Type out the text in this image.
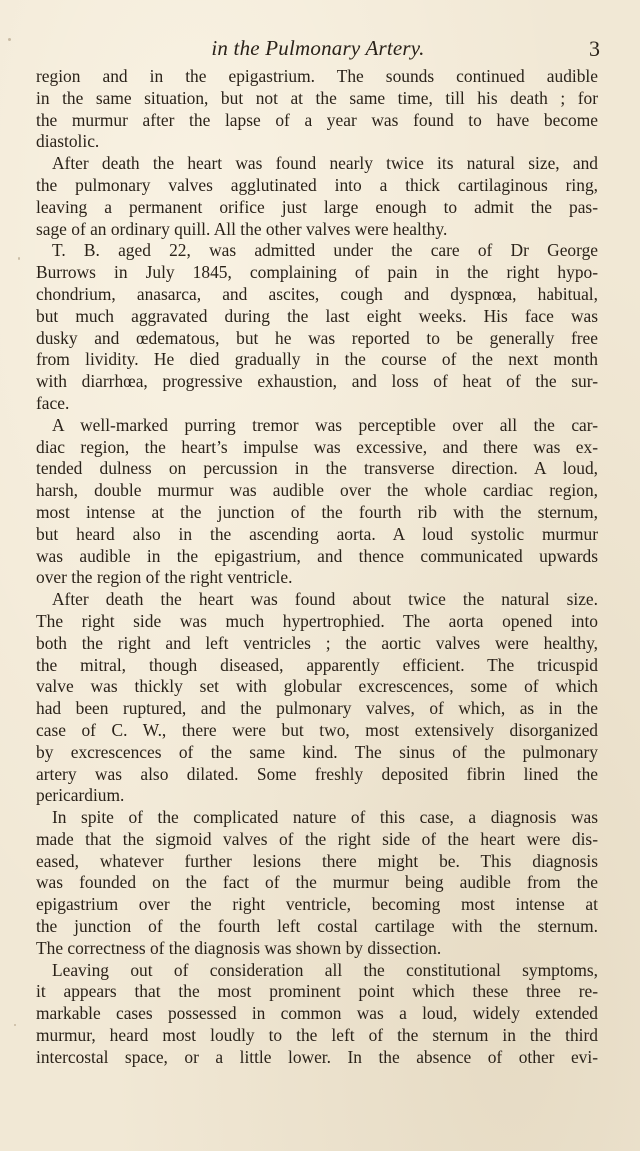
in the Pulmonary Artery.	3
region and in the epigastrium. The sounds continued audible
in the same situation, but not at the same time, till his death ; for
the murmur after the lapse of a year was found to have become
diastolic.
After death the heart was found nearly twice its natural size, and
the pulmonary valves agglutinated into a thick cartilaginous ring,
leaving a permanent orifice just large enough to admit the pas-
sage of an ordinary quill. All the other valves were healthy.
T. B. aged 22, was admitted under the care of Dr George
Burrows in July 1845, complaining of pain in the right hypo-
chondrium, anasarca, and ascites, cough and dyspnœa, habitual,
but much aggravated during the last eight weeks. His face was
dusky and œdematous, but he was reported to be generally free
from lividity. He died gradually in the course of the next month
with diarrhœa, progressive exhaustion, and loss of heat of the sur-
face.
A well-marked purring tremor was perceptible over all the car-
diac region, the heart’s impulse was excessive, and there was ex-
tended dulness on percussion in the transverse direction. A loud,
harsh, double murmur was audible over the whole cardiac region,
most intense at the junction of the fourth rib with the sternum,
but heard also in the ascending aorta. A loud systolic murmur
was audible in the epigastrium, and thence communicated upwards
over the region of the right ventricle.
After death the heart was found about twice the natural size.
The right side was much hypertrophied. The aorta opened into
both the right and left ventricles ; the aortic valves were healthy,
the mitral, though diseased, apparently efficient. The tricuspid
valve was thickly set with globular excrescences, some of which
had been ruptured, and the pulmonary valves, of which, as in the
case of C. W., there were but two, most extensively disorganized
by excrescences of the same kind. The sinus of the pulmonary
artery was also dilated. Some freshly deposited fibrin lined the
pericardium.
In spite of the complicated nature of this case, a diagnosis was
made that the sigmoid valves of the right side of the heart were dis-
eased, whatever further lesions there might be. This diagnosis
was founded on the fact of the murmur being audible from the
epigastrium over the right ventricle, becoming most intense at
the junction of the fourth left costal cartilage with the sternum.
The correctness of the diagnosis was shown by dissection.
Leaving out of consideration all the constitutional symptoms,
it appears that the most prominent point which these three re-
markable cases possessed in common was a loud, widely extended
murmur, heard most loudly to the left of the sternum in the third
intercostal space, or a little lower. In the absence of other evi-
